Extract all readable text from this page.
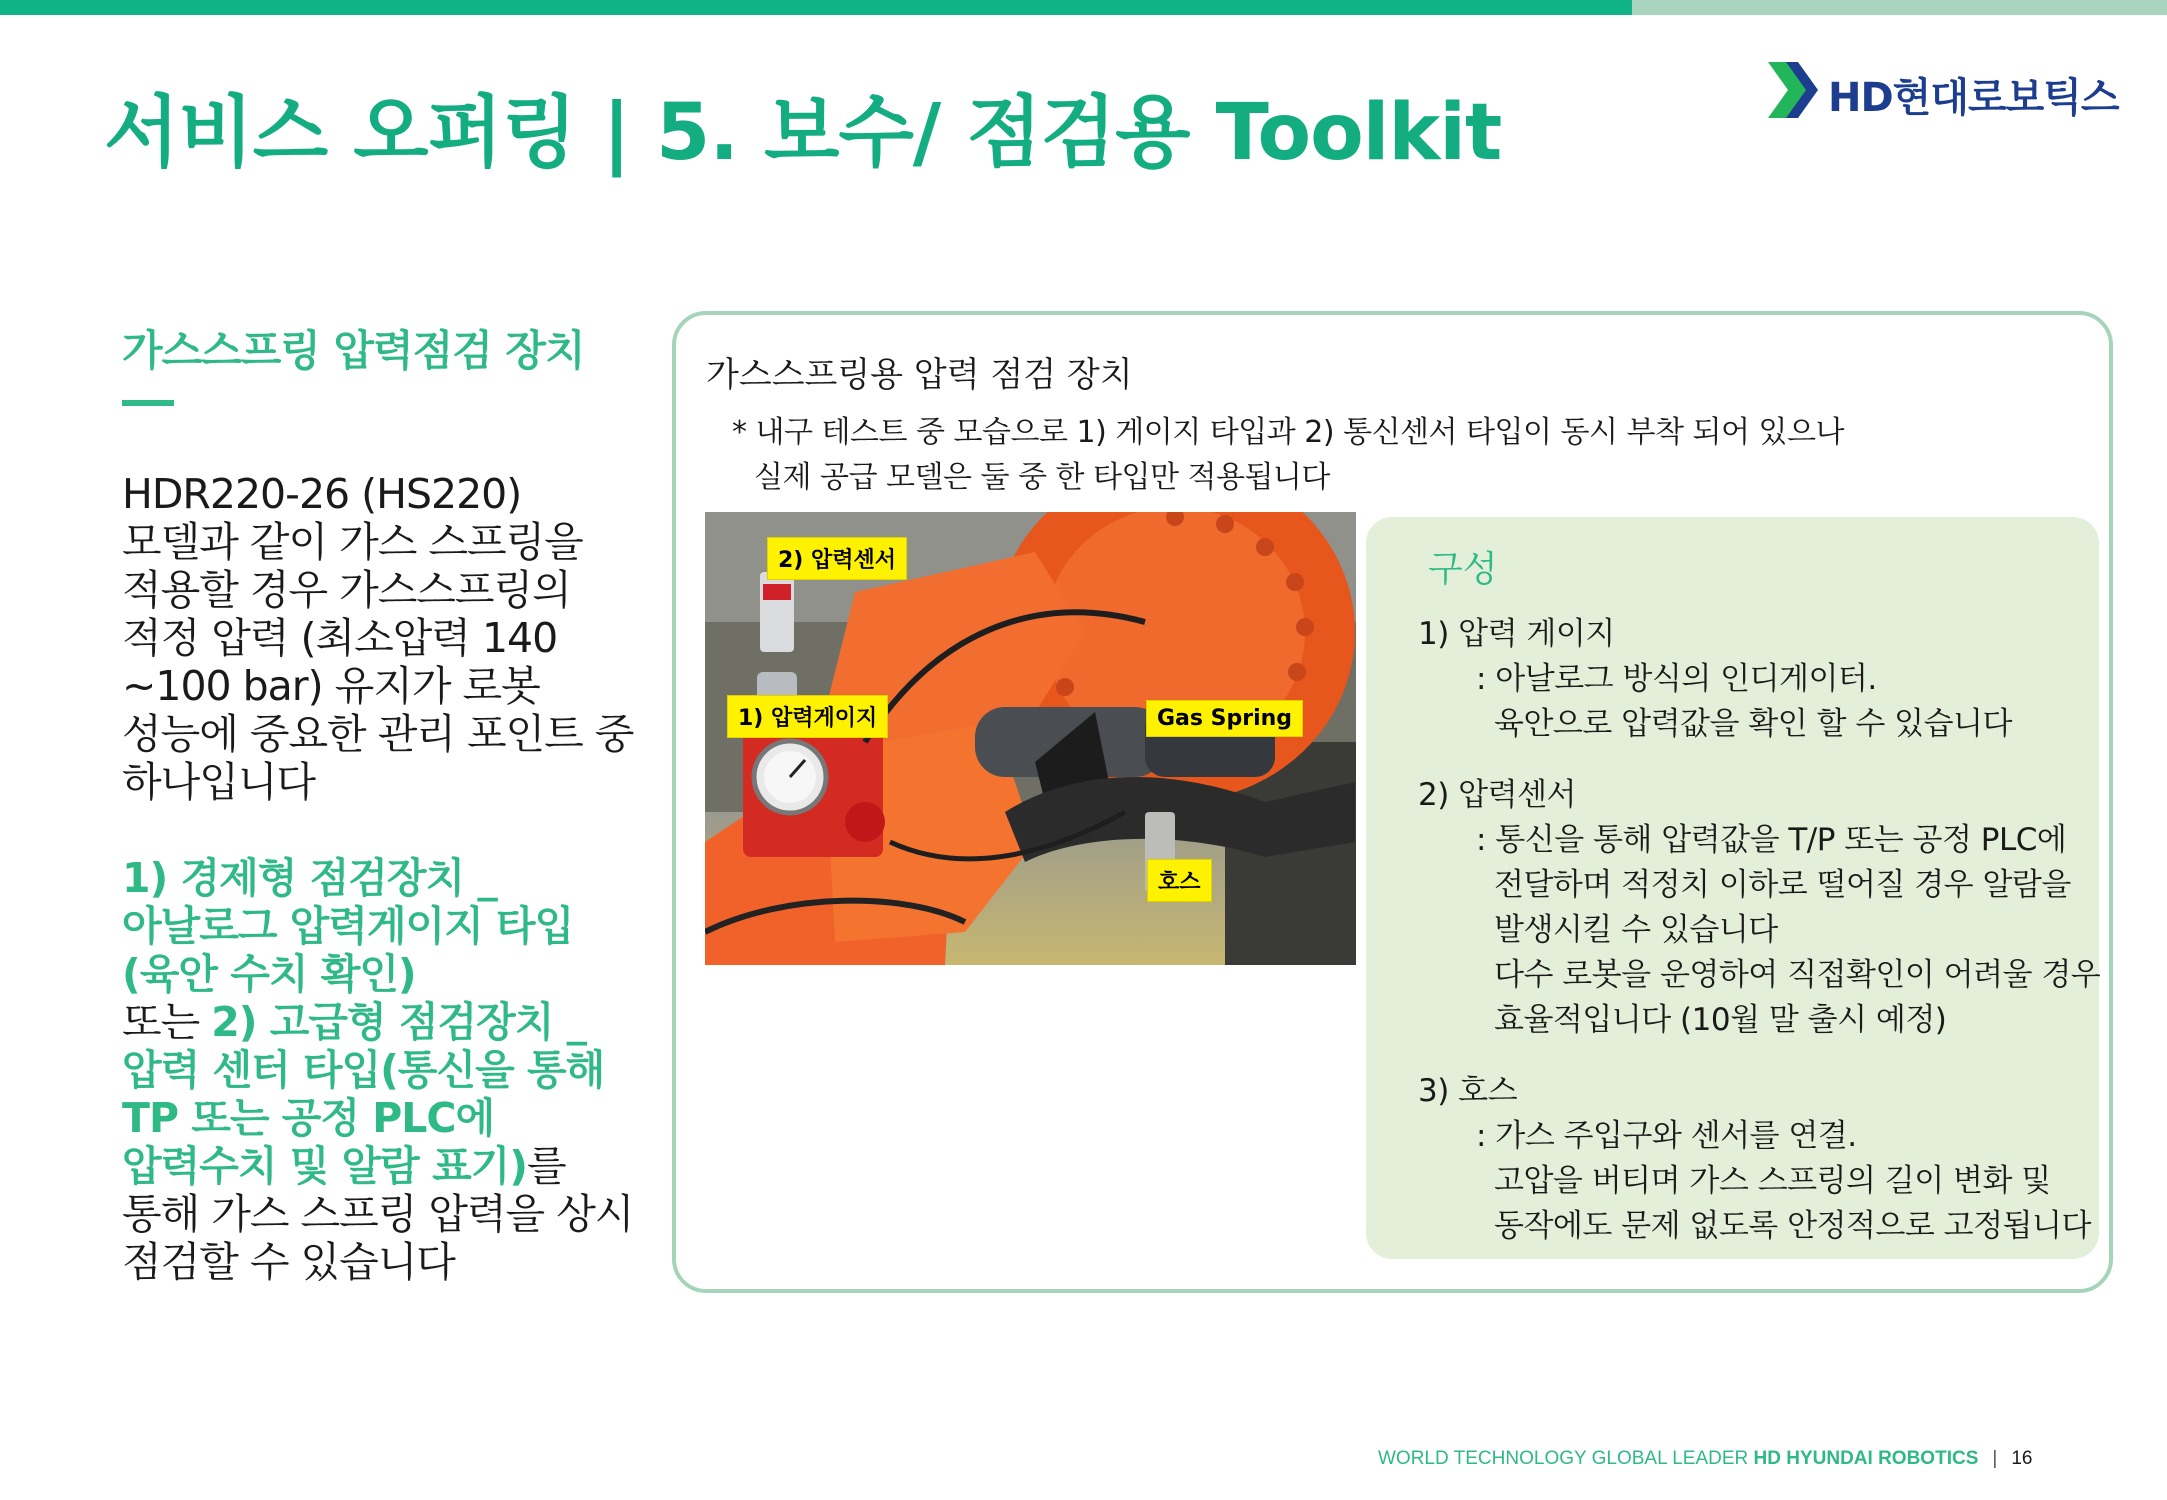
서비스 오퍼링 | 5. 보수/ 점검용 Toolkit	HD현대로보틱스
가스스프링 압력점검 장치
HDR220-26 (HS220)
모델과 같이 가스 스프링을
적용할 경우 가스스프링의
적정 압력 (최소압력 140
~100 bar) 유지가 로봇
성능에 중요한 관리 포인트 중
하나입니다
1) 경제형 점검장치 _
아날로그 압력게이지 타입
(육안 수치 확인)
또는 2) 고급형 점검장치 _
압력 센터 타입(통신을 통해
TP 또는 공정 PLC에
압력수치 및 알람 표기)를
통해 가스 스프링 압력을 상시
점검할 수 있습니다
가스스프링용 압력 점검 장치
* 내구 테스트 중 모습으로 1) 게이지 타입과 2) 통신센서 타입이 동시 부착 되어 있으나
실제 공급 모델은 둘 중 한 타입만 적용됩니다
2) 압력센서
1) 압력게이지	Gas Spring
호스
구성
1) 압력 게이지
: 아날로그 방식의 인디게이터.
육안으로 압력값을 확인 할 수 있습니다
2) 압력센서
: 통신을 통해 압력값을 T/P 또는 공정 PLC에
전달하며 적정치 이하로 떨어질 경우 알람을
발생시킬 수 있습니다
다수 로봇을 운영하여 직접확인이 어려울 경우
효율적입니다 (10월 말 출시 예정)
3) 호스
: 가스 주입구와 센서를 연결.
고압을 버티며 가스 스프링의 길이 변화 및
동작에도 문제 없도록 안정적으로 고정됩니다
WORLD TECHNOLOGY GLOBAL LEADER HD HYUNDAI ROBOTICS | 16
